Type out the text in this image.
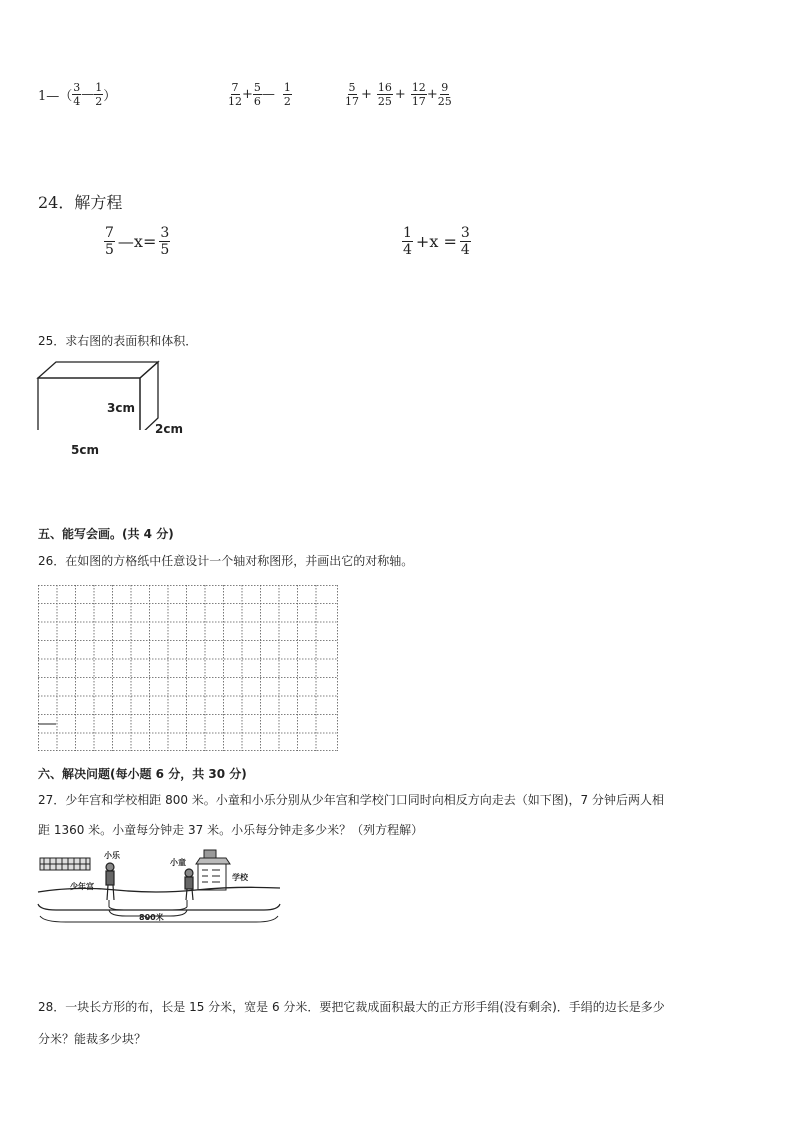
1—（ $\frac{3}{4}$ — $\frac{1}{2}$ ）	$\frac{7}{12} + \frac{5}{6}$ — $\frac{1}{2}$	$\frac{5}{17} + \frac{16}{25} + \frac{12}{17} + \frac{9}{25}$
24．解方程
$\frac{7}{5}$ —x= $\frac{3}{5}$	$\frac{1}{4} +x = \frac{3}{4}$
25．求右图的表面积和体积．
3cm
2cm
5cm
五、能写会画。(共 4 分)
26．在如图的方格纸中任意设计一个轴对称图形，并画出它的对称轴。
六、解决问题(每小题 6 分，共 30 分)
27．少年宫和学校相距 800 米。小童和小乐分别从少年宫和学校门口同时向相反方向走去（如下图)，7 分钟后两人相
距 1360 米。小童每分钟走 37 米。小乐每分钟走多少米？（列方程解）
小乐
少年宫
小童
学校
800米
28．一块长方形的布，长是 15 分米，宽是 6 分米．要把它裁成面积最大的正方形手绢(没有剩余)．手绢的边长是多少
分米？能裁多少块？
